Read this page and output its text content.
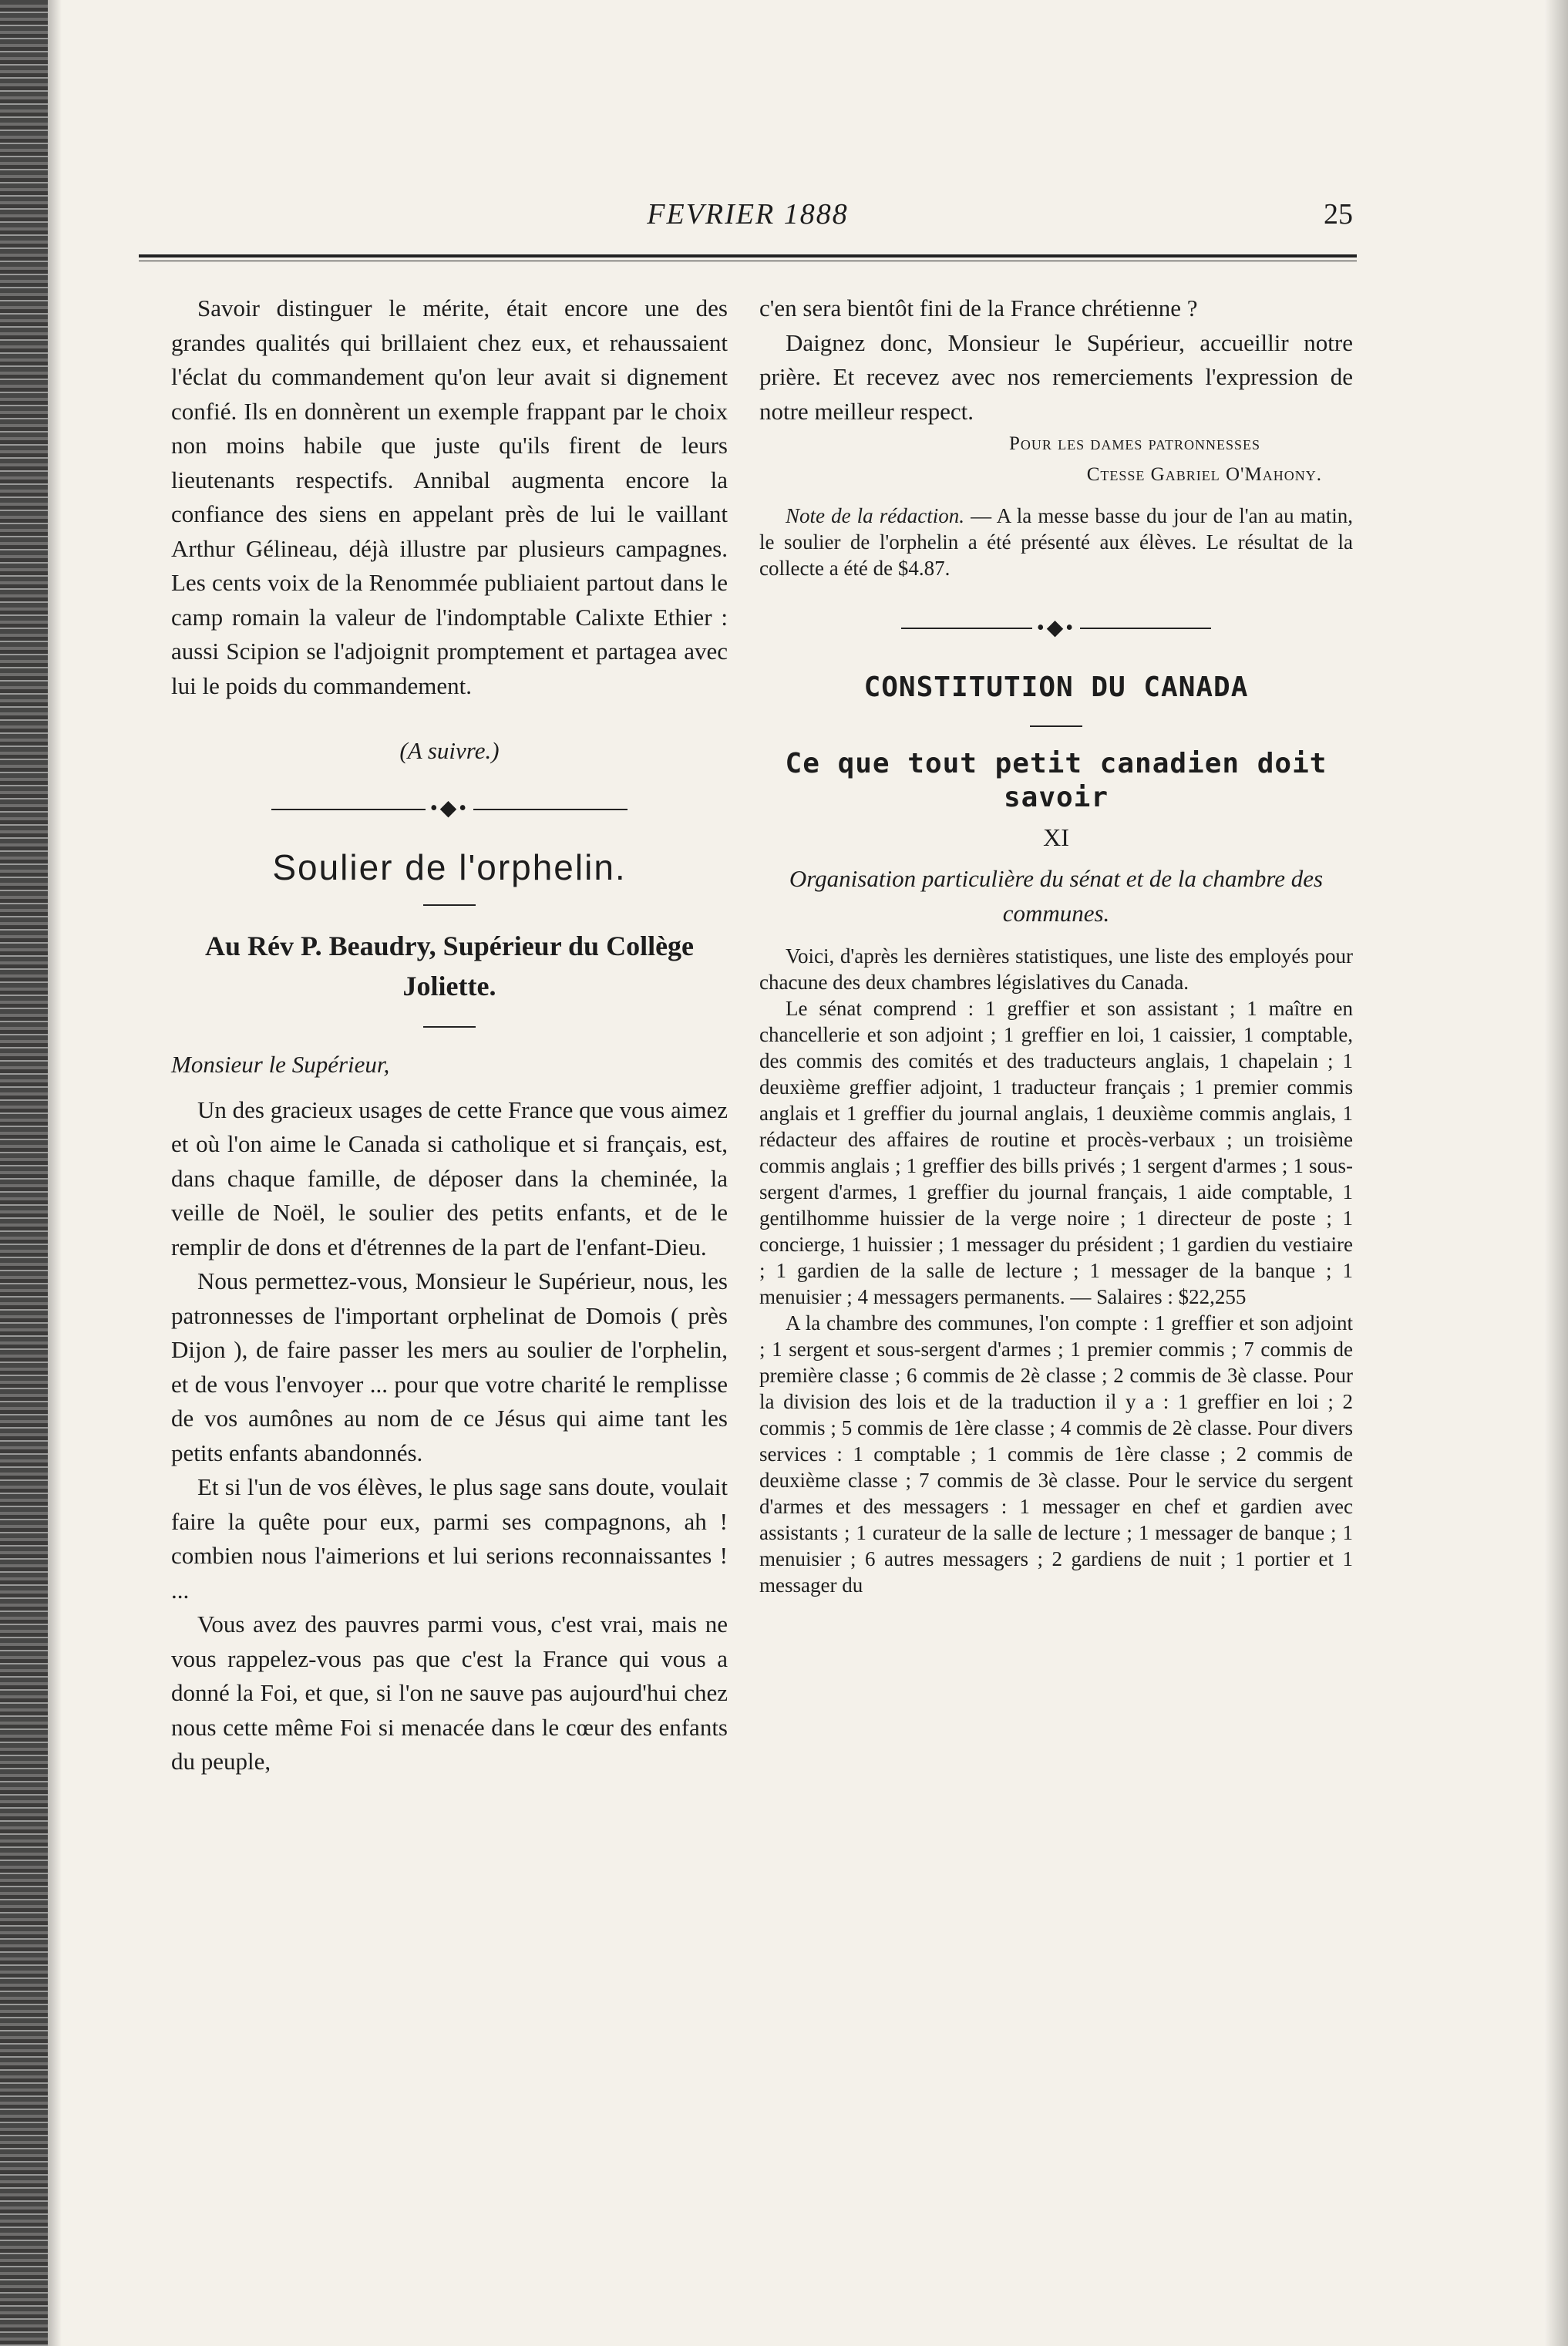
FEVRIER 1888	25

Savoir distinguer le mérite, était encore une des grandes qualités qui brillaient chez eux, et rehaussaient l'éclat du commandement qu'on leur avait si dignement confié. Ils en donnèrent un exemple frappant par le choix non moins habile que juste qu'ils firent de leurs lieutenants respectifs. Annibal augmenta encore la confiance des siens en appelant près de lui le vaillant Arthur Gélineau, déjà illustre par plusieurs campagnes. Les cents voix de la Renommée publiaient partout dans le camp romain la valeur de l'indomptable Calixte Ethier : aussi Scipion se l'adjoignit promptement et partagea avec lui le poids du commandement.

(A suivre.)

•◆•
Soulier de l'orphelin.
Au Rév P. Beaudry, Supérieur du Collège Joliette.

Monsieur le Supérieur,

Un des gracieux usages de cette France que vous aimez et où l'on aime le Canada si catholique et si français, est, dans chaque famille, de déposer dans la cheminée, la veille de Noël, le soulier des petits enfants, et de le remplir de dons et d'étrennes de la part de l'enfant-Dieu.

Nous permettez-vous, Monsieur le Supérieur, nous, les patronnesses de l'important orphelinat de Domois ( près Dijon ), de faire passer les mers au soulier de l'orphelin, et de vous l'envoyer ... pour que votre charité le remplisse de vos aumônes au nom de ce Jésus qui aime tant les petits enfants abandonnés.

Et si l'un de vos élèves, le plus sage sans doute, voulait faire la quête pour eux, parmi ses compagnons, ah ! combien nous l'aimerions et lui serions reconnaissantes ! ...

Vous avez des pauvres parmi vous, c'est vrai, mais ne vous rappelez-vous pas que c'est la France qui vous a donné la Foi, et que, si l'on ne sauve pas aujourd'hui chez nous cette même Foi si menacée dans le cœur des enfants du peuple,

c'en sera bientôt fini de la France chrétienne ?

Daignez donc, Monsieur le Supérieur, accueillir notre prière. Et recevez avec nos remerciements l'expression de notre meilleur respect.

Pour les dames patronnesses
Ctesse Gabriel O'Mahony.

Note de la rédaction. — A la messe basse du jour de l'an au matin, le soulier de l'orphelin a été présenté aux élèves. Le résultat de la collecte a été de $4.87.

•◆•
CONSTITUTION DU CANADA
Ce que tout petit canadien doit savoir
XI

Organisation particulière du sénat et de la chambre des communes.

Voici, d'après les dernières statistiques, une liste des employés pour chacune des deux chambres législatives du Canada.

Le sénat comprend : 1 greffier et son assistant ; 1 maître en chancellerie et son adjoint ; 1 greffier en loi, 1 caissier, 1 comptable, des commis des comités et des traducteurs anglais, 1 chapelain ; 1 deuxième greffier adjoint, 1 traducteur français ; 1 premier commis anglais et 1 greffier du journal anglais, 1 deuxième commis anglais, 1 rédacteur des affaires de routine et procès-verbaux ; un troisième commis anglais ; 1 greffier des bills privés ; 1 sergent d'armes ; 1 sous-sergent d'armes, 1 greffier du journal français, 1 aide comptable, 1 gentilhomme huissier de la verge noire ; 1 directeur de poste ; 1 concierge, 1 huissier ; 1 messager du président ; 1 gardien du vestiaire ; 1 gardien de la salle de lecture ; 1 messager de la banque ; 1 menuisier ; 4 messagers permanents. — Salaires : $22,255

A la chambre des communes, l'on compte : 1 greffier et son adjoint ; 1 sergent et sous-sergent d'armes ; 1 premier commis ; 7 commis de première classe ; 6 commis de 2è classe ; 2 commis de 3è classe. Pour la division des lois et de la traduction il y a : 1 greffier en loi ; 2 commis ; 5 commis de 1ère classe ; 4 commis de 2è classe. Pour divers services : 1 comptable ; 1 commis de 1ère classe ; 2 commis de deuxième classe ; 7 commis de 3è classe. Pour le service du sergent d'armes et des messagers : 1 messager en chef et gardien avec assistants ; 1 curateur de la salle de lecture ; 1 messager de banque ; 1 menuisier ; 6 autres messagers ; 2 gardiens de nuit ; 1 portier et 1 messager du
